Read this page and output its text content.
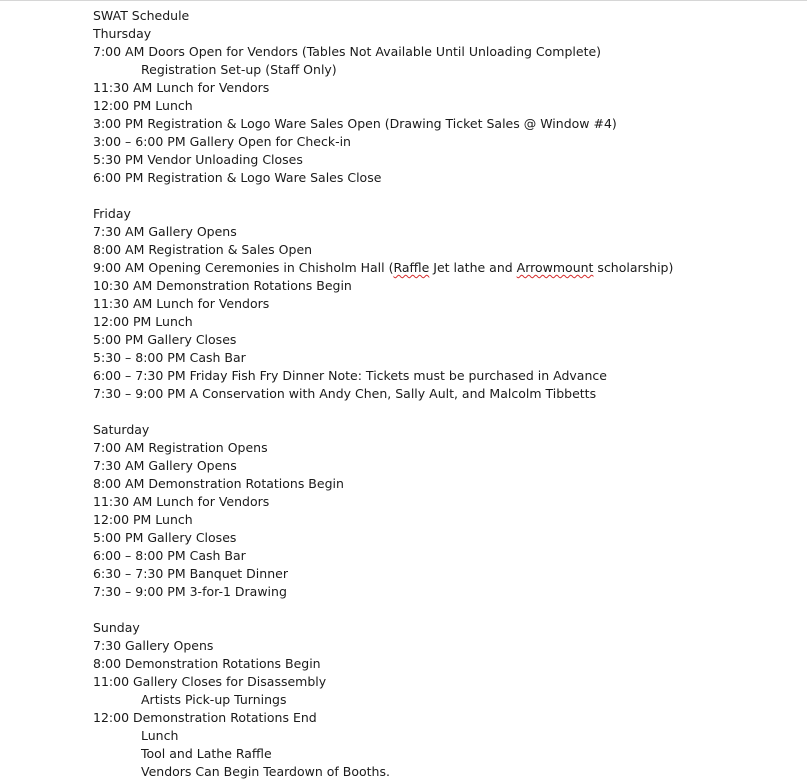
SWAT Schedule
Thursday
7:00 AM Doors Open for Vendors (Tables Not Available Until Unloading Complete)
Registration Set-up (Staff Only)
11:30 AM Lunch for Vendors
12:00 PM Lunch
3:00 PM Registration & Logo Ware Sales Open (Drawing Ticket Sales @ Window #4)
3:00 – 6:00 PM Gallery Open for Check-in
5:30 PM Vendor Unloading Closes
6:00 PM Registration & Logo Ware Sales Close
Friday
7:30 AM Gallery Opens
8:00 AM Registration & Sales Open
9:00 AM Opening Ceremonies in Chisholm Hall (Raffle Jet lathe and Arrowmount scholarship)
10:30 AM Demonstration Rotations Begin
11:30 AM Lunch for Vendors
12:00 PM Lunch
5:00 PM Gallery Closes
5:30 – 8:00 PM Cash Bar
6:00 – 7:30 PM Friday Fish Fry Dinner Note: Tickets must be purchased in Advance
7:30 – 9:00 PM A Conservation with Andy Chen, Sally Ault, and Malcolm Tibbetts
Saturday
7:00 AM Registration Opens
7:30 AM Gallery Opens
8:00 AM Demonstration Rotations Begin
11:30 AM Lunch for Vendors
12:00 PM Lunch
5:00 PM Gallery Closes
6:00 – 8:00 PM Cash Bar
6:30 – 7:30 PM Banquet Dinner
7:30 – 9:00 PM 3-for-1 Drawing
Sunday
7:30 Gallery Opens
8:00 Demonstration Rotations Begin
11:00 Gallery Closes for Disassembly
Artists Pick-up Turnings
12:00 Demonstration Rotations End
Lunch
Tool and Lathe Raffle
Vendors Can Begin Teardown of Booths.
